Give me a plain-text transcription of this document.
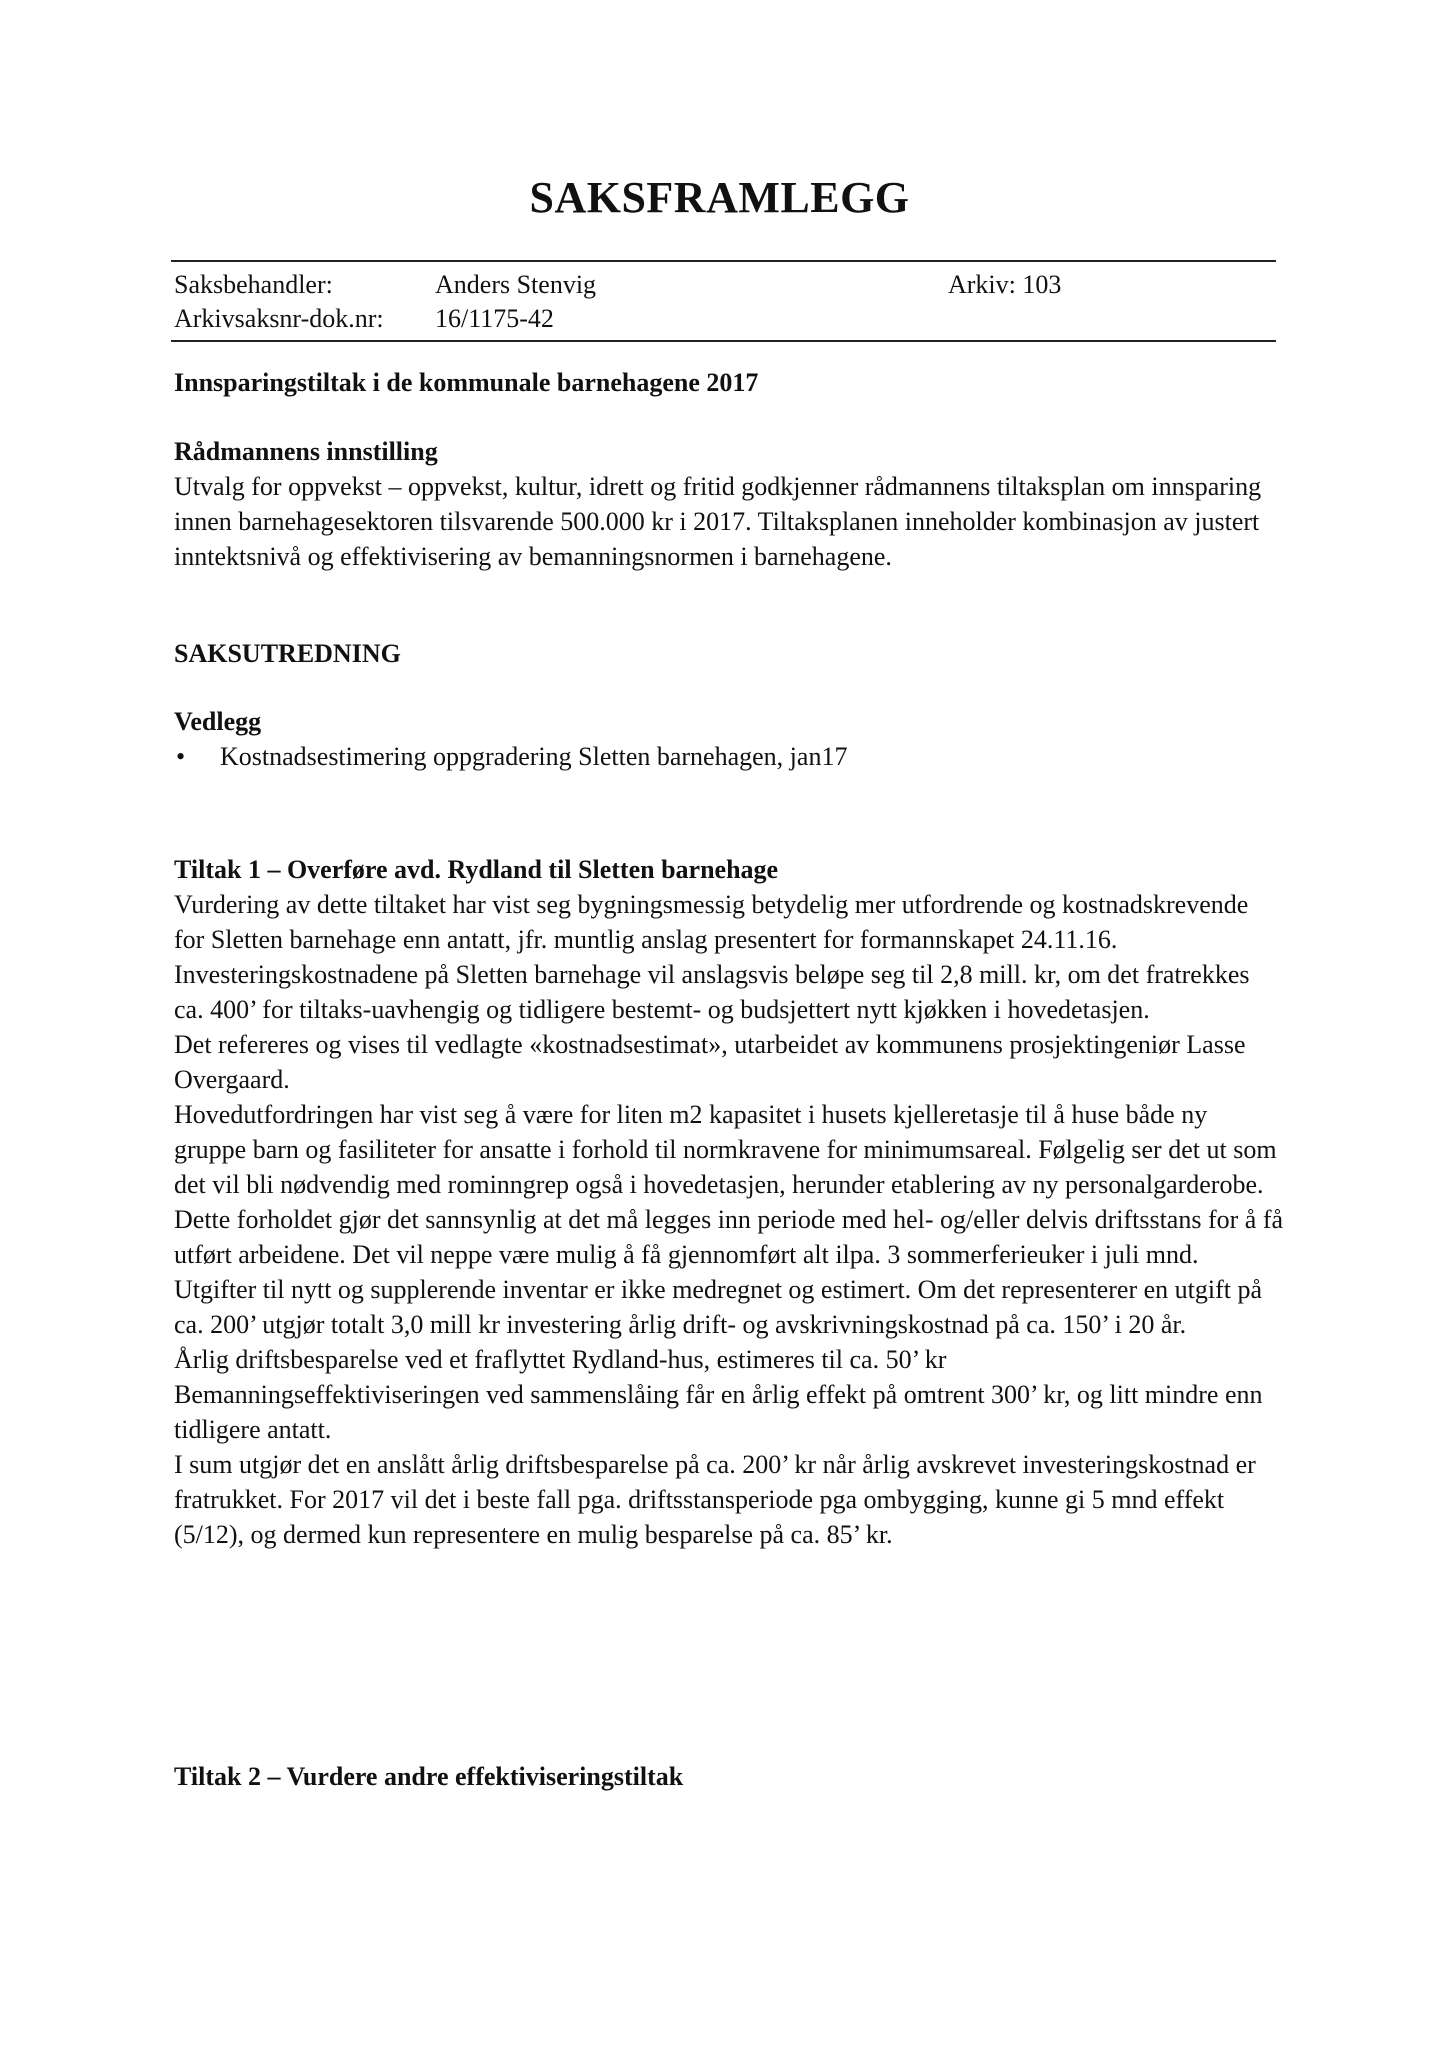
SAKSFRAMLEGG
Saksbehandler:	Anders Stenvig	Arkiv: 103
Arkivsaksnr-dok.nr: 16/1175-42
Innsparingstiltak i de kommunale barnehagene 2017

Rådmannens innstilling

Utvalg for oppvekst – oppvekst, kultur, idrett og fritid godkjenner rådmannens tiltaksplan om innsparing innen barnehagesektoren tilsvarende 500.000 kr i 2017. Tiltaksplanen inneholder kombinasjon av justert inntektsnivå og effektivisering av bemanningsnormen i barnehagene.

SAKSUTREDNING

Vedlegg

• Kostnadsestimering oppgradering Sletten barnehagen, jan17

Tiltak 1 – Overføre avd. Rydland til Sletten barnehage

Vurdering av dette tiltaket har vist seg bygningsmessig betydelig mer utfordrende og kostnadskrevende for Sletten barnehage enn antatt, jfr. muntlig anslag presentert for formannskapet 24.11.16. Investeringskostnadene på Sletten barnehage vil anslagsvis beløpe seg til 2,8 mill. kr, om det fratrekkes ca. 400’ for tiltaks-uavhengig og tidligere bestemt- og budsjettert nytt kjøkken i hovedetasjen.

Det refereres og vises til vedlagte «kostnadsestimat», utarbeidet av kommunens prosjektingeniør Lasse Overgaard.

Hovedutfordringen har vist seg å være for liten m2 kapasitet i husets kjelleretasje til å huse både ny gruppe barn og fasiliteter for ansatte i forhold til normkravene for minimumsareal. Følgelig ser det ut som det vil bli nødvendig med rominngrep også i hovedetasjen, herunder etablering av ny personalgarderobe. Dette forholdet gjør det sannsynlig at det må legges inn periode med hel- og/eller delvis driftsstans for å få utført arbeidene. Det vil neppe være mulig å få gjennomført alt ilpa. 3 sommerferieuker i juli mnd.

Utgifter til nytt og supplerende inventar er ikke medregnet og estimert. Om det representerer en utgift på ca. 200’ utgjør totalt 3,0 mill kr investering årlig drift- og avskrivningskostnad på ca. 150’ i 20 år.

Årlig driftsbesparelse ved et fraflyttet Rydland-hus, estimeres til ca. 50’ kr

Bemanningseffektiviseringen ved sammenslåing får en årlig effekt på omtrent 300’ kr, og litt mindre enn tidligere antatt.

I sum utgjør det en anslått årlig driftsbesparelse på ca. 200’ kr når årlig avskrevet investeringskostnad er fratrukket. For 2017 vil det i beste fall pga. driftsstansperiode pga ombygging, kunne gi 5 mnd effekt (5/12), og dermed kun representere en mulig besparelse på ca. 85’ kr.

Tiltak 2 – Vurdere andre effektiviseringstiltak
